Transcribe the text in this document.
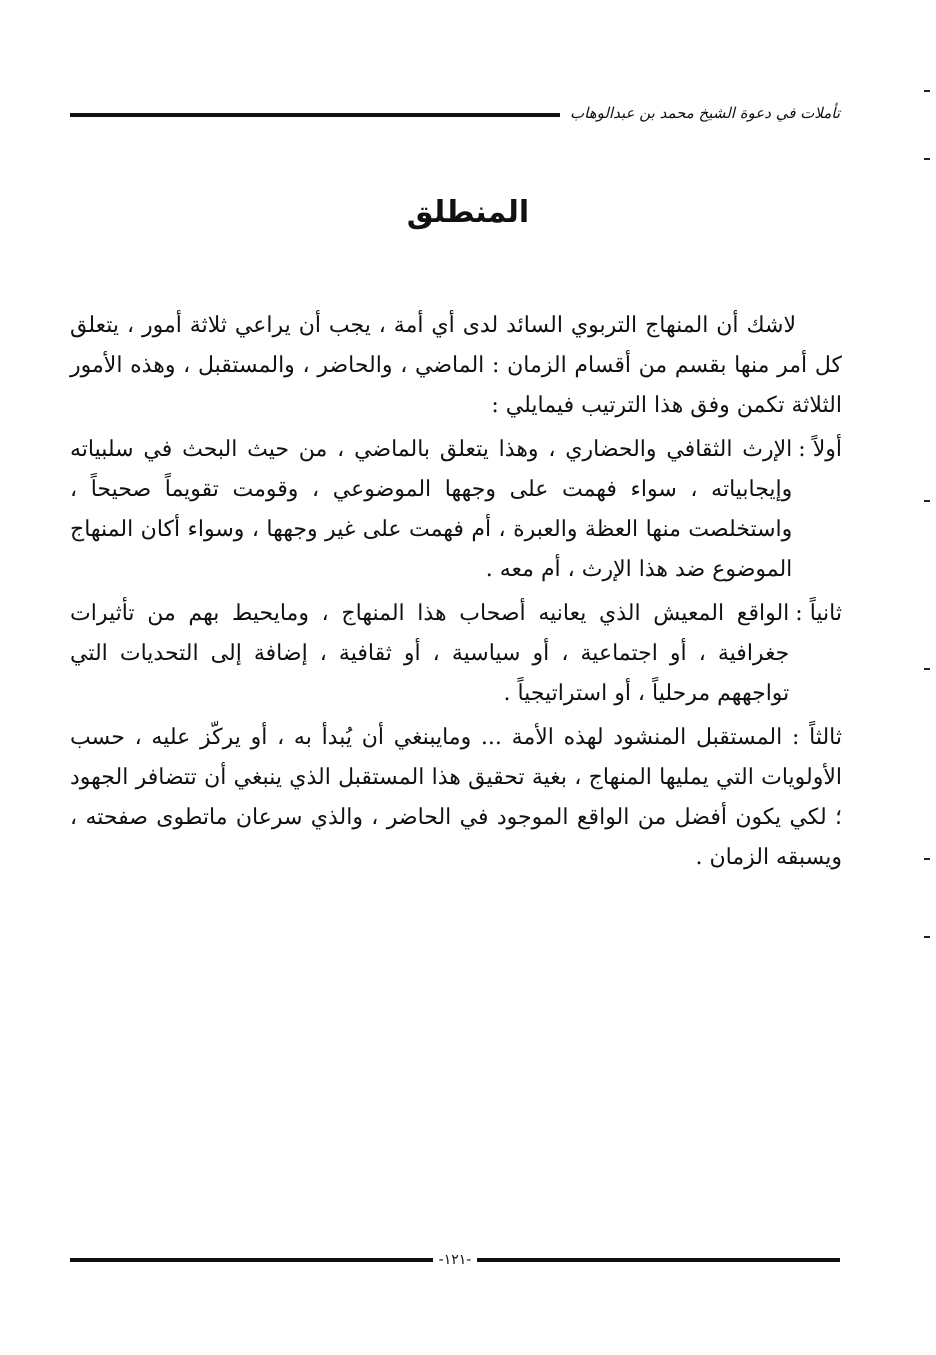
تأملات في دعوة الشيخ محمد بن عبدالوهاب
المنطلق

لاشك أن المنهاج التربوي السائد لدى أي أمة ، يجب أن يراعي ثلاثة أمور ، يتعلق كل أمر منها بقسم من أقسام الزمان : الماضي ، والحاضر ، والمستقبل ، وهذه الأمور الثلاثة تكمن وفق هذا الترتيب فيمايلي :

أولاً :
الإرث الثقافي والحضاري ، وهذا يتعلق بالماضي ، من حيث البحث في سلبياته وإيجابياته ، سواء فهمت على وجهها الموضوعي ، وقومت تقويماً صحيحاً ، واستخلصت منها العظة والعبرة ، أم فهمت على غير وجهها ، وسواء أكان المنهاج الموضوع ضد هذا الإرث ، أم معه .

ثانياً :
الواقع المعيش الذي يعانيه أصحاب هذا المنهاج ، ومايحيط بهم من تأثيرات جغرافية ، أو اجتماعية ، أو سياسية ، أو ثقافية ، إضافة إلى التحديات التي تواجههم مرحلياً ، أو استراتيجياً .

ثالثاً : المستقبل المنشود لهذه الأمة ... ومايبنغي أن يُبدأ به ، أو يركّز عليه ، حسب الأولويات التي يمليها المنهاج ، بغية تحقيق هذا المستقبل الذي ينبغي أن تتضافر الجهود ؛ لكي يكون أفضل من الواقع الموجود في الحاضر ، والذي سرعان ماتطوى صفحته ، ويسبقه الزمان .

-١٢١-
